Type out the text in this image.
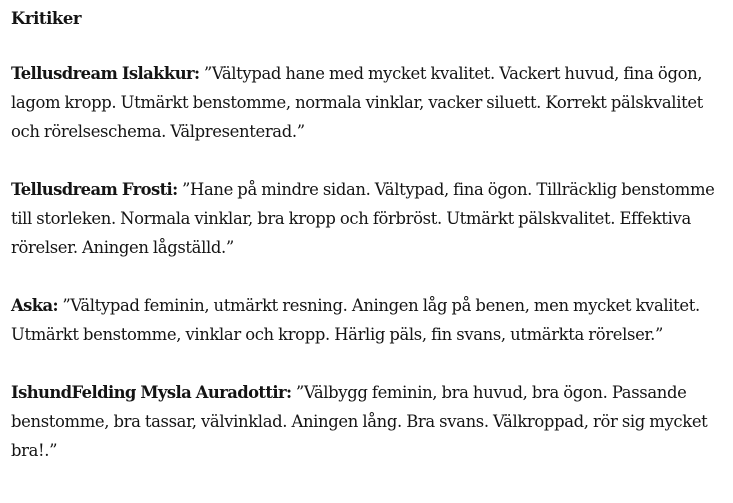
Kritiker

Tellusdream Islakkur: ”Vältypad hane med mycket kvalitet. Vackert huvud, fina ögon, lagom kropp. Utmärkt benstomme, normala vinklar, vacker siluett. Korrekt pälskvalitet och rörelseschema. Välpresenterad.”

Tellusdream Frosti: ”Hane på mindre sidan. Vältypad, fina ögon. Tillräcklig benstomme till storleken. Normala vinklar, bra kropp och förbröst. Utmärkt pälskvalitet. Effektiva rörelser. Aningen lågställd.”

Aska: ”Vältypad feminin, utmärkt resning. Aningen låg på benen, men mycket kvalitet. Utmärkt benstomme, vinklar och kropp. Härlig päls, fin svans, utmärkta rörelser.”

IshundFelding Mysla Auradottir: ”Välbygg feminin, bra huvud, bra ögon. Passande benstomme, bra tassar, välvinklad. Aningen lång. Bra svans. Välkroppad, rör sig mycket bra!.”
